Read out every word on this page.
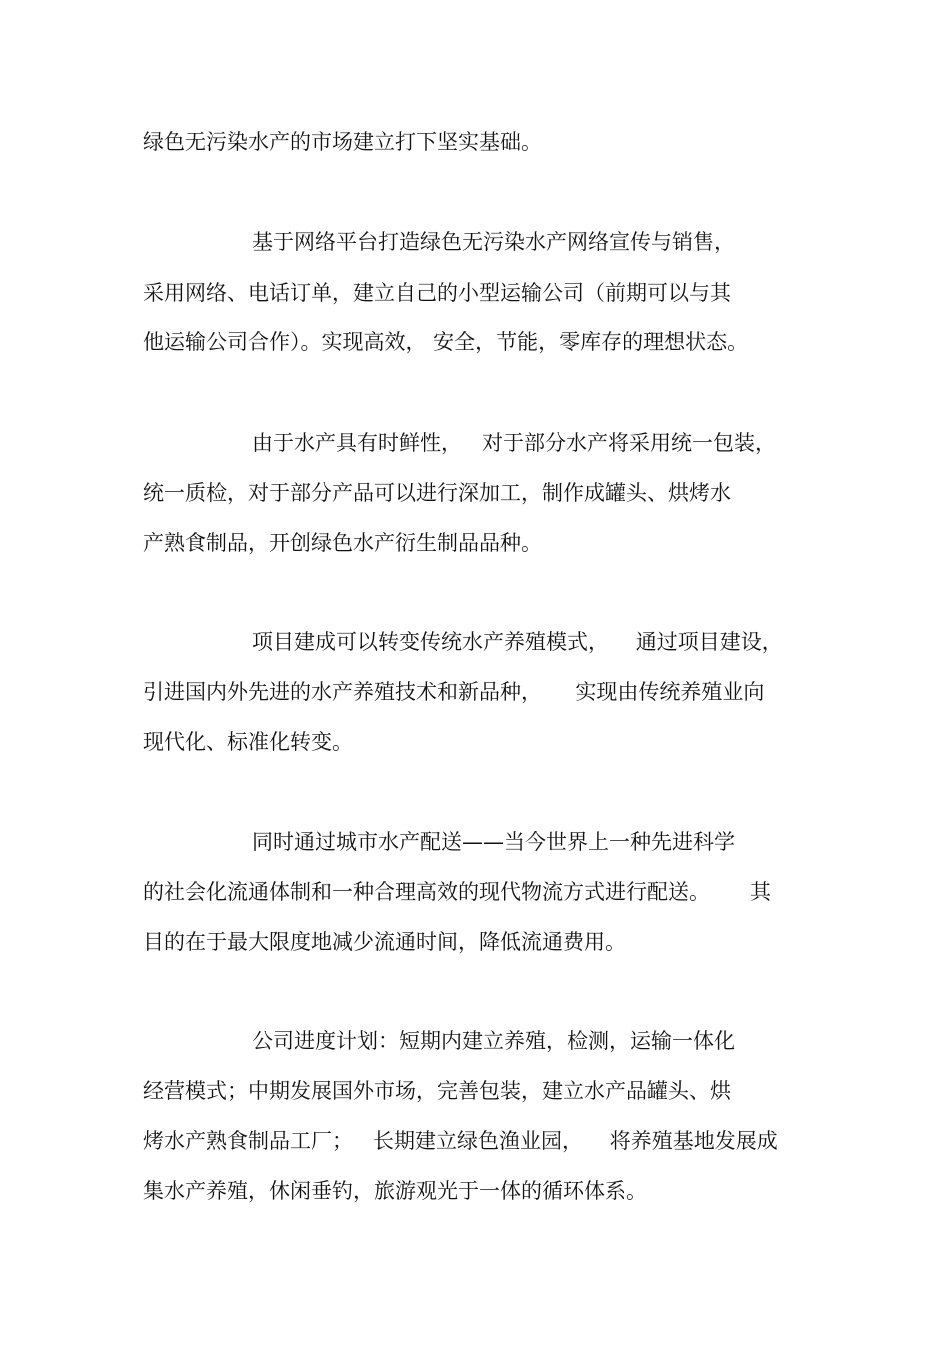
绿色无污染水产的市场建立打下坚实基础。
基于网络平台打造绿色无污染水产网络宣传与销售，
采用网络、电话订单，建立自己的小型运输公司（前期可以与其
他运输公司合作）。实现高效， 安全，节能，零库存的理想状态。
由于水产具有时鲜性，   对于部分水产将采用统一包装，
统一质检，对于部分产品可以进行深加工，制作成罐头、烘烤水
产熟食制品，开创绿色水产衍生制品品种。
项目建成可以转变传统水产养殖模式，    通过项目建设，
引进国内外先进的水产养殖技术和新品种，     实现由传统养殖业向
现代化、标准化转变。
同时通过城市水产配送——当今世界上一种先进科学
的社会化流通体制和一种合理高效的现代物流方式进行配送。      其
目的在于最大限度地减少流通时间，降低流通费用。
公司进度计划：短期内建立养殖，检测，运输一体化
经营模式；中期发展国外市场，完善包装，建立水产品罐头、烘
烤水产熟食制品工厂；   长期建立绿色渔业园，    将养殖基地发展成
集水产养殖，休闲垂钓，旅游观光于一体的循环体系。
